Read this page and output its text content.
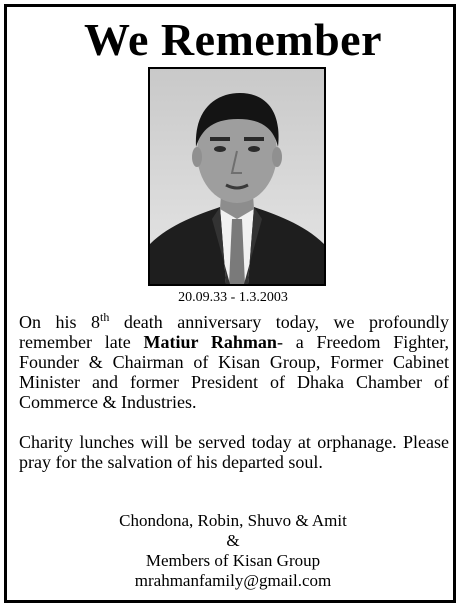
We Remember
20.09.33 - 1.3.2003
On his 8th death anniversary today, we profoundly remember late Matiur Rahman- a Freedom Fighter, Founder & Chairman of Kisan Group, Former Cabinet Minister and former President of Dhaka Chamber of Commerce & Industries.
Charity lunches will be served today at orphanage. Please pray for the salvation of his departed soul.
Chondona, Robin, Shuvo & Amit
&
Members of Kisan Group
mrahmanfamily@gmail.com
